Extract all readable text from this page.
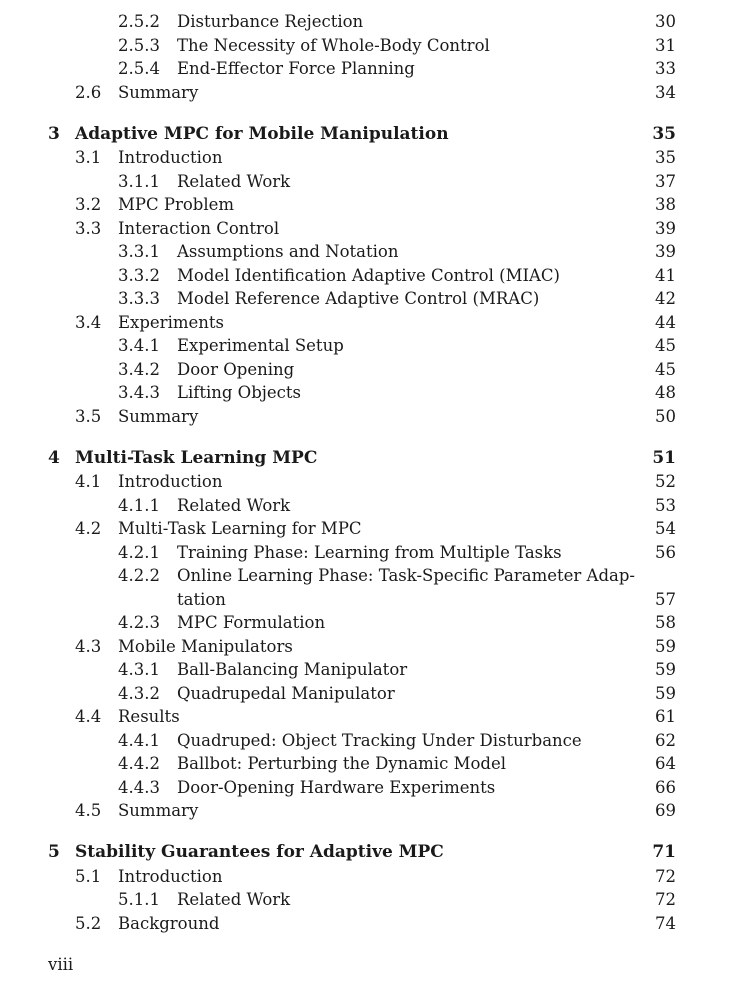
2.5.2 Disturbance Rejection	30
2.5.3 The Necessity of Whole-Body Control	31
2.5.4 End-Effector Force Planning	33
2.6 Summary	34
3 Adaptive MPC for Mobile Manipulation	35
3.1 Introduction	35
3.1.1 Related Work	37
3.2 MPC Problem	38
3.3 Interaction Control	39
3.3.1 Assumptions and Notation	39
3.3.2 Model Identification Adaptive Control (MIAC)	41
3.3.3 Model Reference Adaptive Control (MRAC)	42
3.4 Experiments	44
3.4.1 Experimental Setup	45
3.4.2 Door Opening	45
3.4.3 Lifting Objects	48
3.5 Summary	50
4 Multi-Task Learning MPC	51
4.1 Introduction	52
4.1.1 Related Work	53
4.2 Multi-Task Learning for MPC	54
4.2.1 Training Phase: Learning from Multiple Tasks	56
4.2.2 Online Learning Phase: Task-Specific Parameter Adap-
tation	57
4.2.3 MPC Formulation	58
4.3 Mobile Manipulators	59
4.3.1 Ball-Balancing Manipulator	59
4.3.2 Quadrupedal Manipulator	59
4.4 Results	61
4.4.1 Quadruped: Object Tracking Under Disturbance	62
4.4.2 Ballbot: Perturbing the Dynamic Model	64
4.4.3 Door-Opening Hardware Experiments	66
4.5 Summary	69
5 Stability Guarantees for Adaptive MPC	71
5.1 Introduction	72
5.1.1 Related Work	72
5.2 Background	74
viii
